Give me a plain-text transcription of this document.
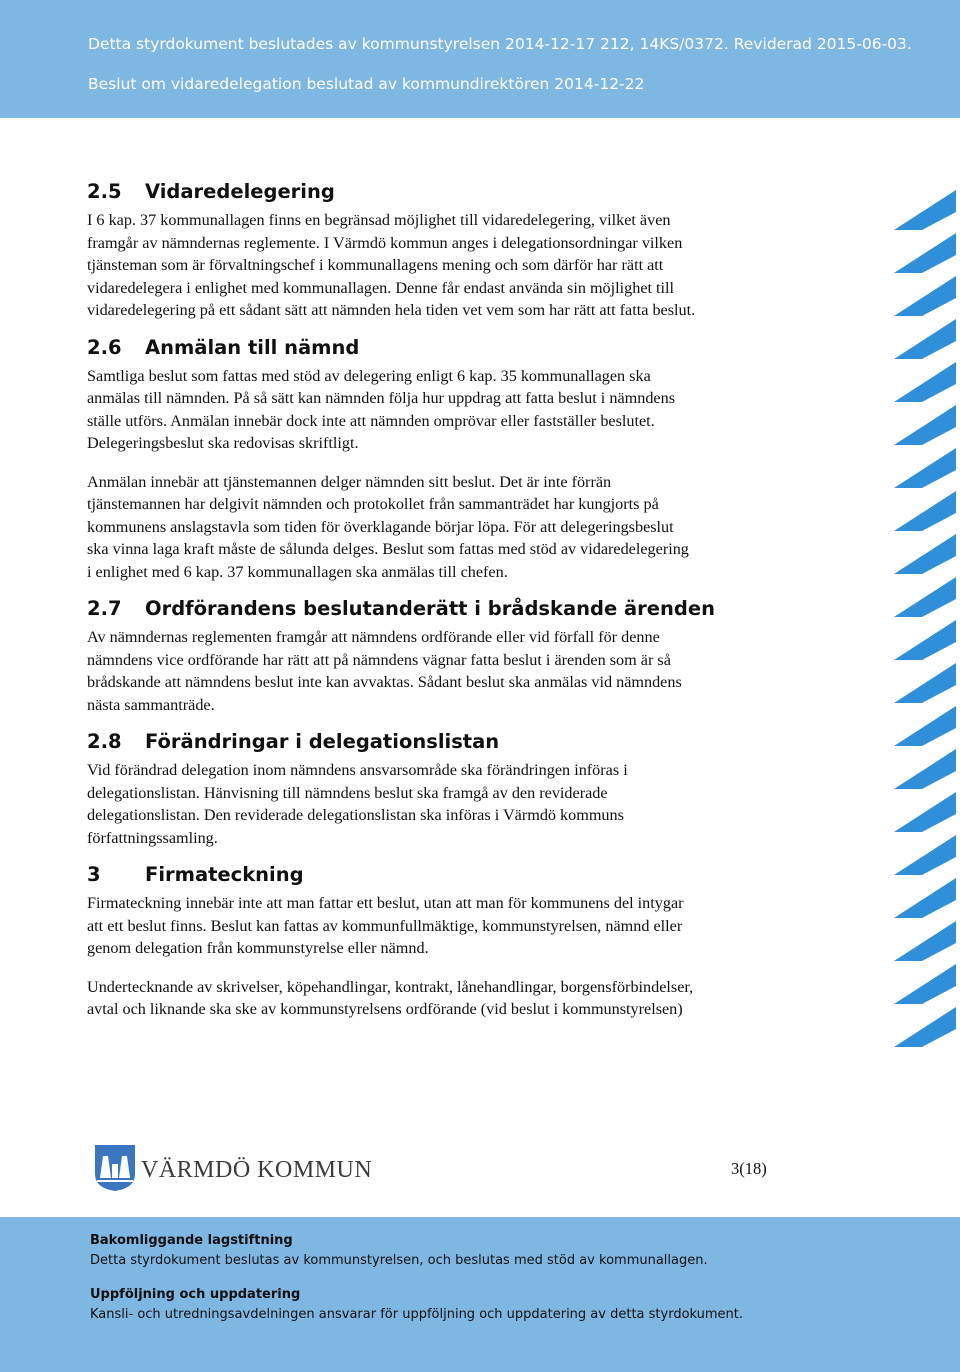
Detta styrdokument beslutades av kommunstyrelsen 2014-12-17 212, 14KS/0372. Reviderad 2015-06-03.
Beslut om vidaredelegation beslutad av kommundirektören 2014-12-22
2.5 Vidaredelegering

I 6 kap. 37 kommunallagen finns en begränsad möjlighet till vidaredelegering, vilket även
framgår av nämndernas reglemente. I Värmdö kommun anges i delegationsordningar vilken
tjänsteman som är förvaltningschef i kommunallagens mening och som därför har rätt att
vidaredelegera i enlighet med kommunallagen. Denne får endast använda sin möjlighet till
vidaredelegering på ett sådant sätt att nämnden hela tiden vet vem som har rätt att fatta beslut.

2.6 Anmälan till nämnd

Samtliga beslut som fattas med stöd av delegering enligt 6 kap. 35 kommunallagen ska
anmälas till nämnden. På så sätt kan nämnden följa hur uppdrag att fatta beslut i nämndens
ställe utförs. Anmälan innebär dock inte att nämnden omprövar eller fastställer beslutet.
Delegeringsbeslut ska redovisas skriftligt.

Anmälan innebär att tjänstemannen delger nämnden sitt beslut. Det är inte förrän
tjänstemannen har delgivit nämnden och protokollet från sammanträdet har kungjorts på
kommunens anslagstavla som tiden för överklagande börjar löpa. För att delegeringsbeslut
ska vinna laga kraft måste de sålunda delges. Beslut som fattas med stöd av vidaredelegering
i enlighet med 6 kap. 37 kommunallagen ska anmälas till chefen.

2.7 Ordförandens beslutanderätt i brådskande ärenden

Av nämndernas reglementen framgår att nämndens ordförande eller vid förfall för denne
nämndens vice ordförande har rätt att på nämndens vägnar fatta beslut i ärenden som är så
brådskande att nämndens beslut inte kan avvaktas. Sådant beslut ska anmälas vid nämndens
nästa sammanträde.

2.8 Förändringar i delegationslistan

Vid förändrad delegation inom nämndens ansvarsområde ska förändringen införas i
delegationslistan. Hänvisning till nämndens beslut ska framgå av den reviderade
delegationslistan. Den reviderade delegationslistan ska införas i Värmdö kommuns
författningssamling.

3 Firmateckning

Firmateckning innebär inte att man fattar ett beslut, utan att man för kommunens del intygar
att ett beslut finns. Beslut kan fattas av kommunfullmäktige, kommunstyrelsen, nämnd eller
genom delegation från kommunstyrelse eller nämnd.

Undertecknande av skrivelser, köpehandlingar, kontrakt, lånehandlingar, borgensförbindelser,
avtal och liknande ska ske av kommunstyrelsens ordförande (vid beslut i kommunstyrelsen)

VÄRMDÖ KOMMUN	3(18)
Bakomliggande lagstiftning
Detta styrdokument beslutas av kommunstyrelsen, och beslutas med stöd av kommunallagen.
Uppföljning och uppdatering
Kansli- och utredningsavdelningen ansvarar för uppföljning och uppdatering av detta styrdokument.
